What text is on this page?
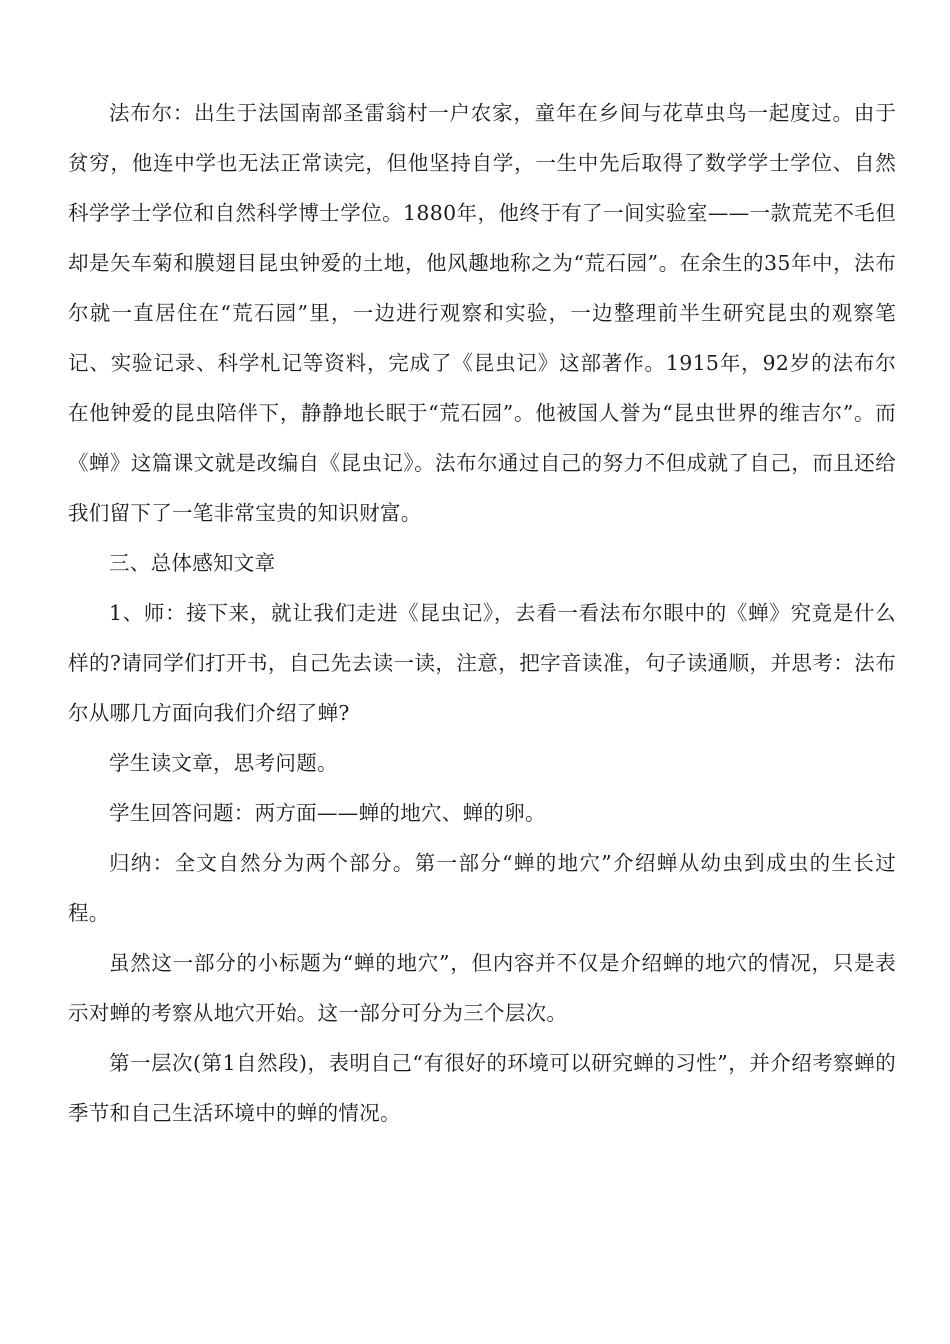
法布尔：出生于法国南部圣雷翁村一户农家，童年在乡间与花草虫鸟一起度过。由于贫穷，他连中学也无法正常读完，但他坚持自学，一生中先后取得了数学学士学位、自然科学学士学位和自然科学博士学位。1880年，他终于有了一间实验室——一款荒芜不毛但却是矢车菊和膜翅目昆虫钟爱的土地，他风趣地称之为“荒石园”。在余生的35年中，法布尔就一直居住在“荒石园”里，一边进行观察和实验，一边整理前半生研究昆虫的观察笔记、实验记录、科学札记等资料，完成了《昆虫记》这部著作。1915年，92岁的法布尔在他钟爱的昆虫陪伴下，静静地长眠于“荒石园”。他被国人誉为“昆虫世界的维吉尔”。而《蝉》这篇课文就是改编自《昆虫记》。法布尔通过自己的努力不但成就了自己，而且还给我们留下了一笔非常宝贵的知识财富。

三、总体感知文章

1、师：接下来，就让我们走进《昆虫记》，去看一看法布尔眼中的《蝉》究竟是什么样的?请同学们打开书，自己先去读一读，注意，把字音读准，句子读通顺，并思考：法布尔从哪几方面向我们介绍了蝉?

学生读文章，思考问题。

学生回答问题：两方面——蝉的地穴、蝉的卵。

归纳：全文自然分为两个部分。第一部分“蝉的地穴”介绍蝉从幼虫到成虫的生长过程。

虽然这一部分的小标题为“蝉的地穴”，但内容并不仅是介绍蝉的地穴的情况，只是表示对蝉的考察从地穴开始。这一部分可分为三个层次。

第一层次(第1自然段)，表明自己“有很好的环境可以研究蝉的习性”，并介绍考察蝉的季节和自己生活环境中的蝉的情况。
